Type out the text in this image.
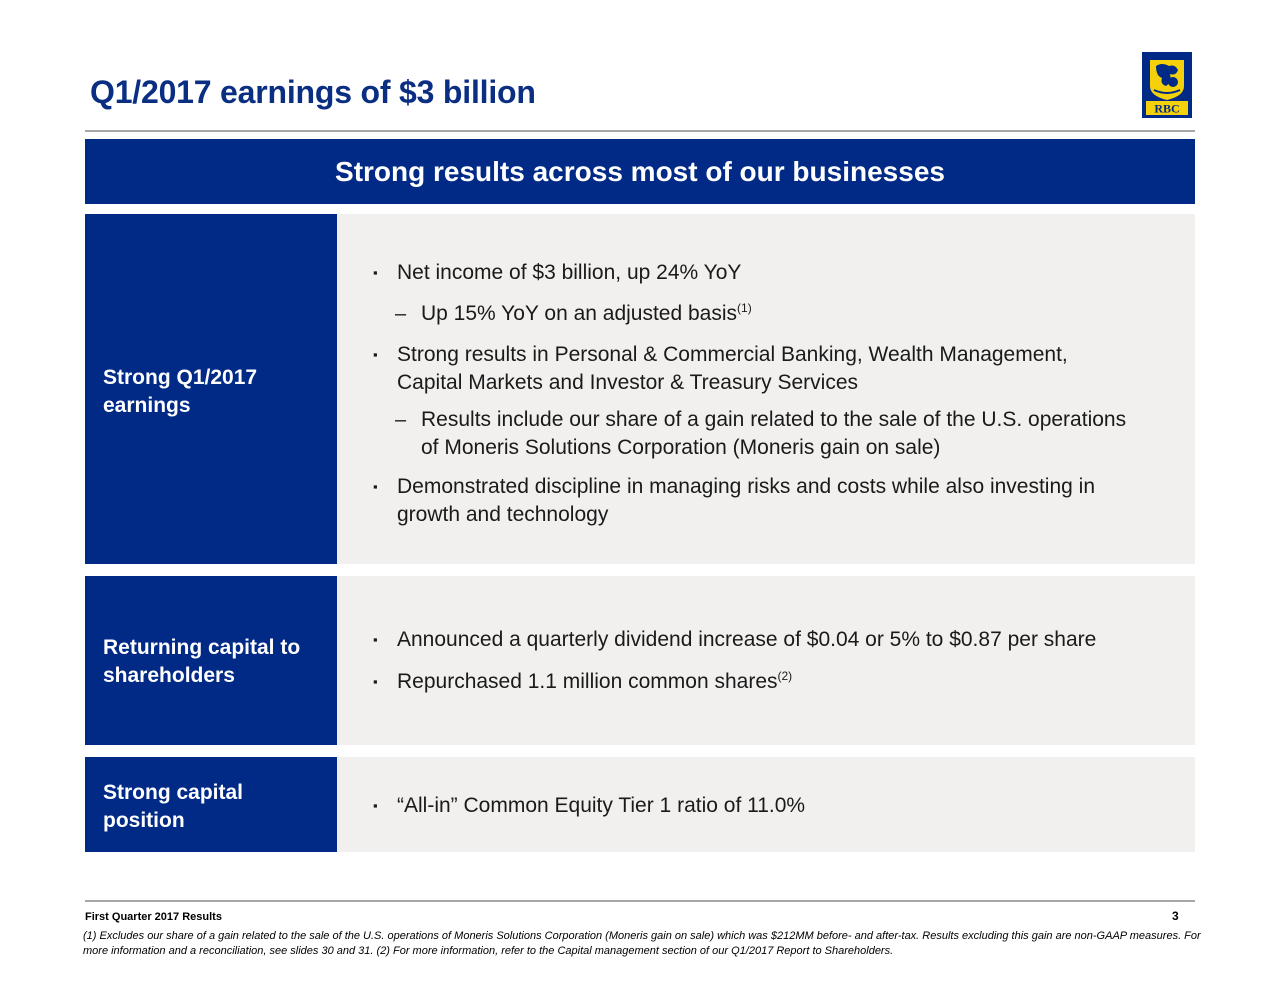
Q1/2017 earnings of $3 billion	RBC
Strong results across most of our businesses
Strong Q1/2017
earnings
▪ Net income of $3 billion, up 24% YoY
– Up 15% YoY on an adjusted basis$^{(1)}$
▪ Strong results in Personal & Commercial Banking, Wealth Management,
Capital Markets and Investor & Treasury Services
– Results include our share of a gain related to the sale of the U.S. operations
of Moneris Solutions Corporation (Moneris gain on sale)
▪ Demonstrated discipline in managing risks and costs while also investing in
growth and technology
Returning capital to
shareholders
▪ Announced a quarterly dividend increase of $0.04 or 5% to $0.87 per share
▪ Repurchased 1.1 million common shares$^{(2)}$
Strong capital
position
▪ “All-in” Common Equity Tier 1 ratio of 11.0%
First Quarter 2017 Results	3
(1) Excludes our share of a gain related to the sale of the U.S. operations of Moneris Solutions Corporation (Moneris gain on sale) which was $212MM before- and after-tax. Results excluding this gain are non-GAAP measures. For more information and a reconciliation, see slides 30 and 31. (2) For more information, refer to the Capital management section of our Q1/2017 Report to Shareholders.
